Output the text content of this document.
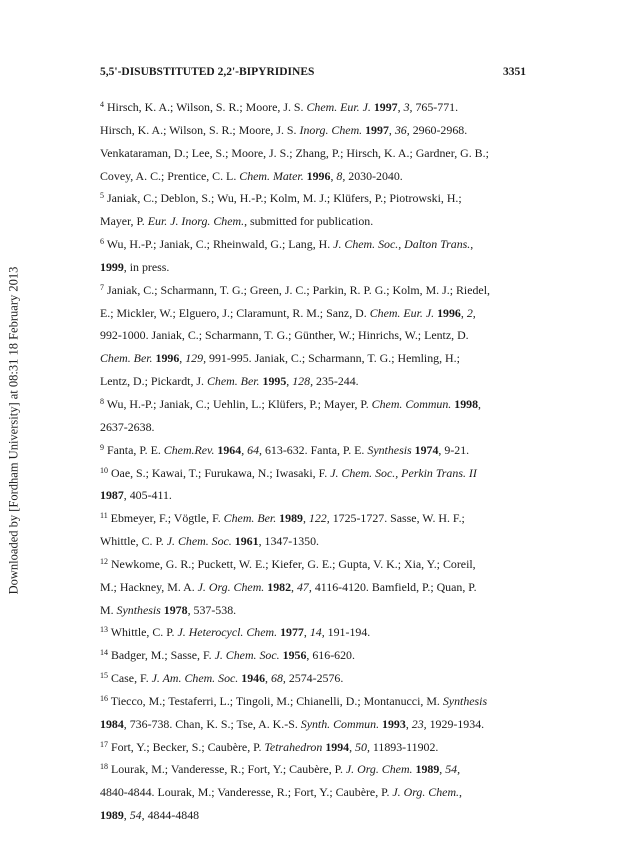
Downloaded by [Fordham University] at 08:31 18 February 2013
5,5'-DISUBSTITUTED 2,2'-BIPYRIDINES	3351
$^4$ Hirsch, K. A.; Wilson, S. R.; Moore, J. S. Chem. Eur. J. 1997, 3, 765-771.
Hirsch, K. A.; Wilson, S. R.; Moore, J. S. Inorg. Chem. 1997, 36, 2960-2968.
Venkataraman, D.; Lee, S.; Moore, J. S.; Zhang, P.; Hirsch, K. A.; Gardner, G. B.;
Covey, A. C.; Prentice, C. L. Chem. Mater. 1996, 8, 2030-2040.
$^5$ Janiak, C.; Deblon, S.; Wu, H.-P.; Kolm, M. J.; Klüfers, P.; Piotrowski, H.;
Mayer, P. Eur. J. Inorg. Chem., submitted for publication.
$^6$ Wu, H.-P.; Janiak, C.; Rheinwald, G.; Lang, H. J. Chem. Soc., Dalton Trans.,
1999, in press.
$^7$ Janiak, C.; Scharmann, T. G.; Green, J. C.; Parkin, R. P. G.; Kolm, M. J.; Riedel,
E.; Mickler, W.; Elguero, J.; Claramunt, R. M.; Sanz, D. Chem. Eur. J. 1996, 2,
992-1000. Janiak, C.; Scharmann, T. G.; Günther, W.; Hinrichs, W.; Lentz, D.
Chem. Ber. 1996, 129, 991-995. Janiak, C.; Scharmann, T. G.; Hemling, H.;
Lentz, D.; Pickardt, J. Chem. Ber. 1995, 128, 235-244.
$^8$ Wu, H.-P.; Janiak, C.; Uehlin, L.; Klüfers, P.; Mayer, P. Chem. Commun. 1998,
2637-2638.
$^9$ Fanta, P. E. Chem.Rev. 1964, 64, 613-632. Fanta, P. E. Synthesis 1974, 9-21.
$^{10}$ Oae, S.; Kawai, T.; Furukawa, N.; Iwasaki, F. J. Chem. Soc., Perkin Trans. II
1987, 405-411.
$^{11}$ Ebmeyer, F.; Vögtle, F. Chem. Ber. 1989, 122, 1725-1727. Sasse, W. H. F.;
Whittle, C. P. J. Chem. Soc. 1961, 1347-1350.
$^{12}$ Newkome, G. R.; Puckett, W. E.; Kiefer, G. E.; Gupta, V. K.; Xia, Y.; Coreil,
M.; Hackney, M. A. J. Org. Chem. 1982, 47, 4116-4120. Bamfield, P.; Quan, P.
M. Synthesis 1978, 537-538.
$^{13}$ Whittle, C. P. J. Heterocycl. Chem. 1977, 14, 191-194.
$^{14}$ Badger, M.; Sasse, F. J. Chem. Soc. 1956, 616-620.
$^{15}$ Case, F. J. Am. Chem. Soc. 1946, 68, 2574-2576.
$^{16}$ Tiecco, M.; Testaferri, L.; Tingoli, M.; Chianelli, D.; Montanucci, M. Synthesis
1984, 736-738. Chan, K. S.; Tse, A. K.-S. Synth. Commun. 1993, 23, 1929-1934.
$^{17}$ Fort, Y.; Becker, S.; Caubère, P. Tetrahedron 1994, 50, 11893-11902.
$^{18}$ Lourak, M.; Vanderesse, R.; Fort, Y.; Caubère, P. J. Org. Chem. 1989, 54,
4840-4844. Lourak, M.; Vanderesse, R.; Fort, Y.; Caubère, P. J. Org. Chem.,
1989, 54, 4844-4848
